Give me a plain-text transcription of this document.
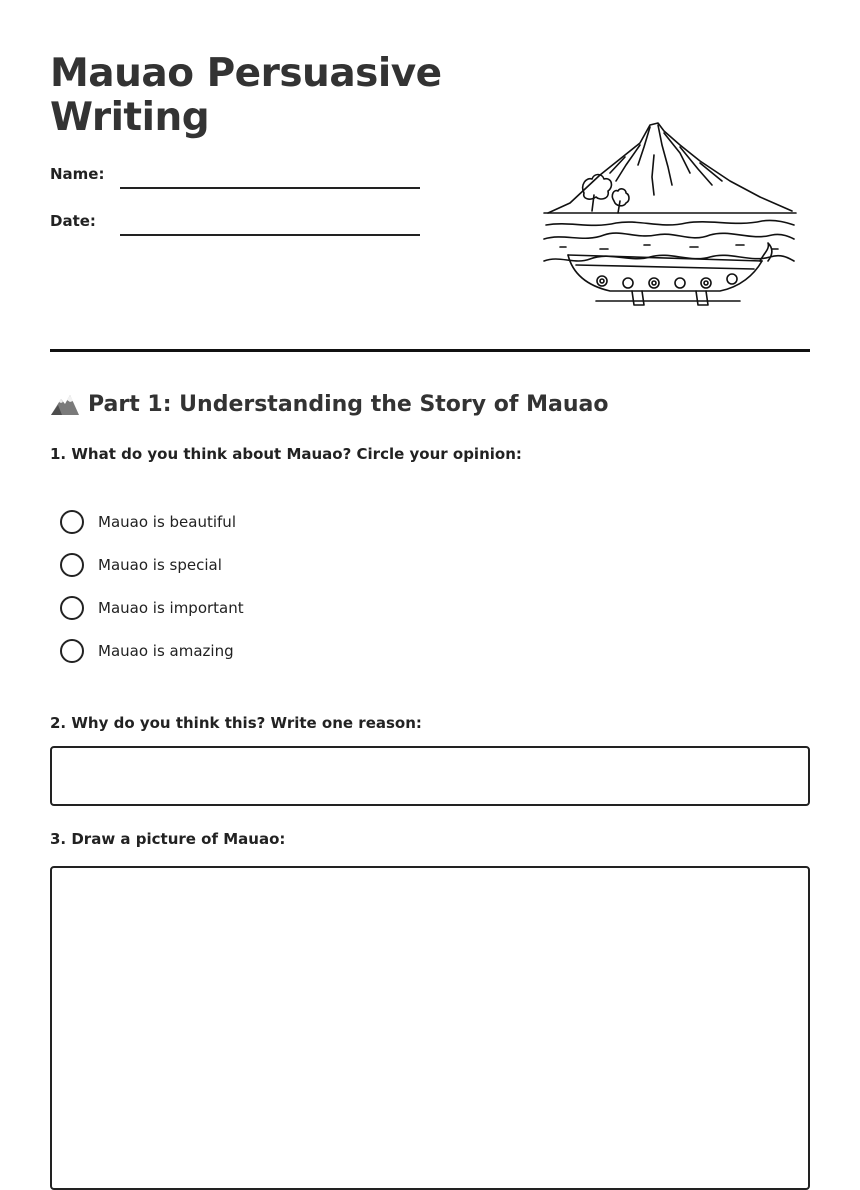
Mauao Persuasive Writing
Name:
Date:
Part 1: Understanding the Story of Mauao
1. What do you think about Mauao? Circle your opinion:
Mauao is beautiful
Mauao is special
Mauao is important
Mauao is amazing
2. Why do you think this? Write one reason:
3. Draw a picture of Mauao:
